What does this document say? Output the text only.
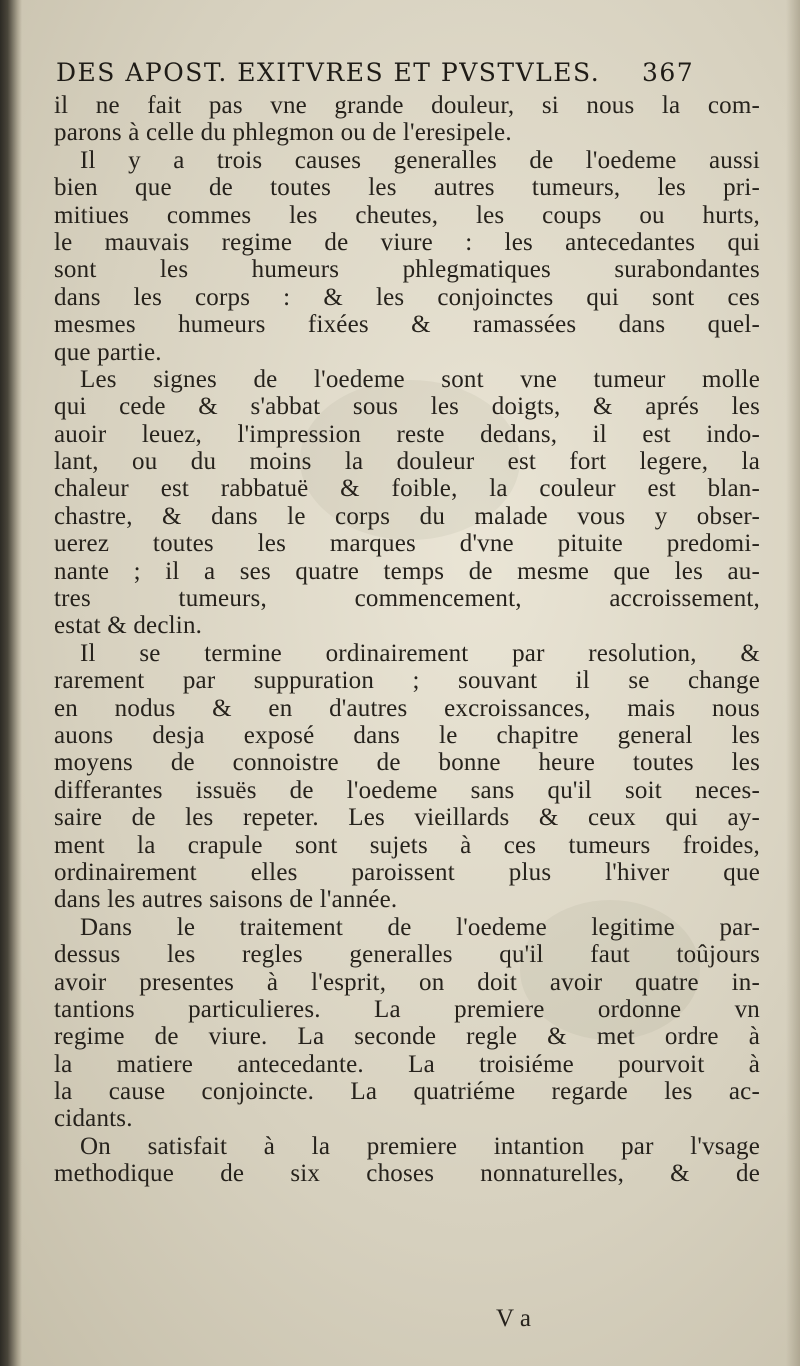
DES APOST. EXITVRES ET PVSTVLES. 367
il ne fait pas vne grande douleur, si nous la com-
parons à celle du phlegmon ou de l'eresipele.
Il y a trois causes generalles de l'oedeme aussi
bien que de toutes les autres tumeurs, les pri-
mitiues commes les cheutes, les coups ou hurts,
le mauvais regime de viure : les antecedantes qui
sont les humeurs phlegmatiques surabondantes
dans les corps : & les conjoinctes qui sont ces
mesmes humeurs fixées & ramassées dans quel-
que partie.
Les signes de l'oedeme sont vne tumeur molle
qui cede & s'abbat sous les doigts, & aprés les
auoir leuez, l'impression reste dedans, il est indo-
lant, ou du moins la douleur est fort legere, la
chaleur est rabbatuë & foible, la couleur est blan-
chastre, & dans le corps du malade vous y obser-
uerez toutes les marques d'vne pituite predomi-
nante ; il a ses quatre temps de mesme que les au-
tres tumeurs, commencement, accroissement,
estat & declin.
Il se termine ordinairement par resolution, &
rarement par suppuration ; souvant il se change
en nodus & en d'autres excroissances, mais nous
auons desja exposé dans le chapitre general les
moyens de connoistre de bonne heure toutes les
differantes issuës de l'oedeme sans qu'il soit neces-
saire de les repeter. Les vieillards & ceux qui ay-
ment la crapule sont sujets à ces tumeurs froides,
ordinairement elles paroissent plus l'hiver que
dans les autres saisons de l'année.
Dans le traitement de l'oedeme legitime par-
dessus les regles generalles qu'il faut toûjours
avoir presentes à l'esprit, on doit avoir quatre in-
tantions particulieres. La premiere ordonne vn
regime de viure. La seconde regle & met ordre à
la matiere antecedante. La troisiéme pourvoit à
la cause conjoincte. La quatriéme regarde les ac-
cidants.
On satisfait à la premiere intantion par l'vsage
methodique de six choses nonnaturelles, & de
V a
